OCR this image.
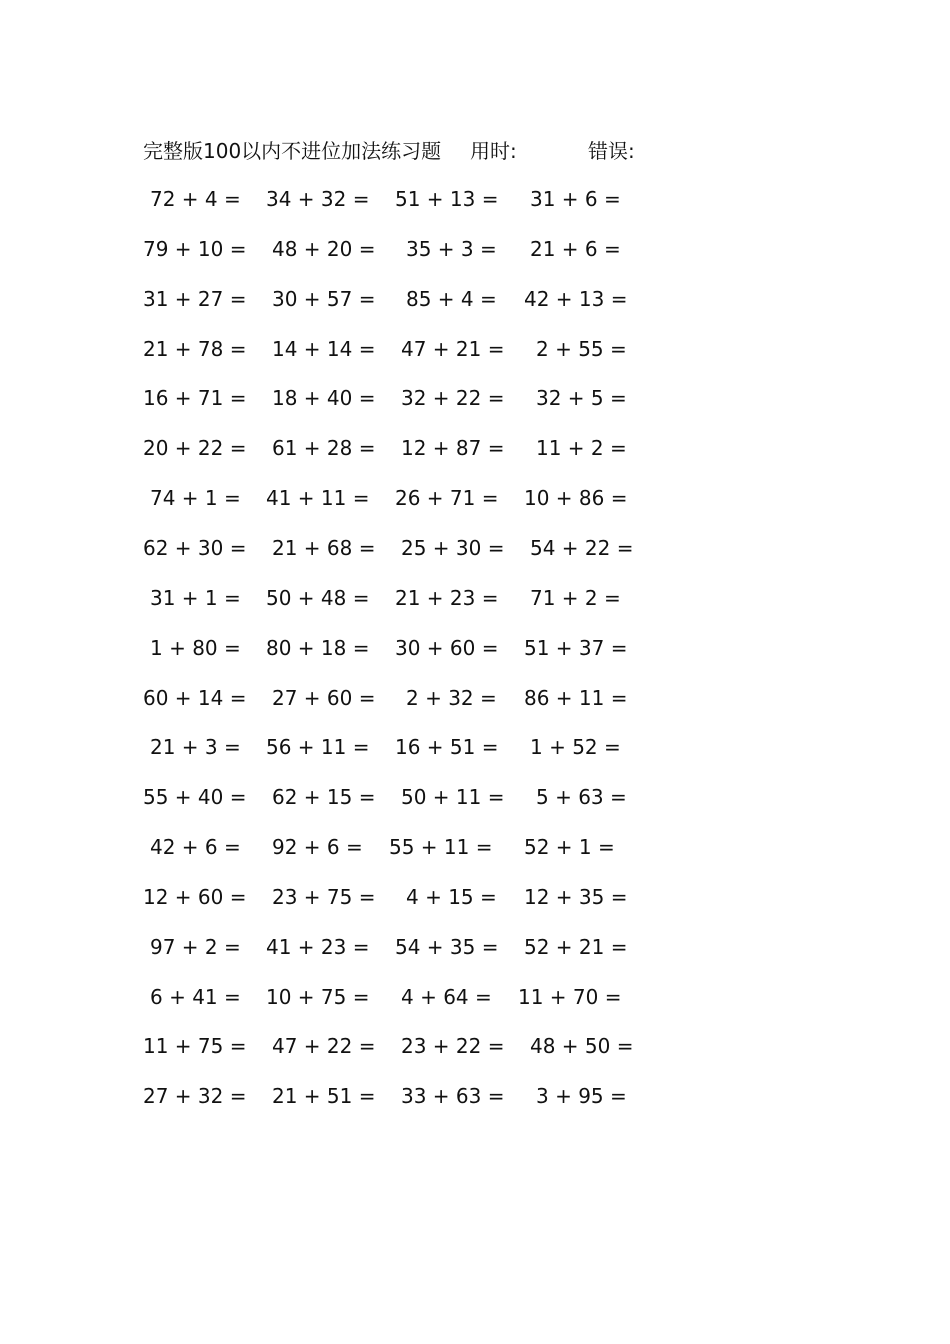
完整版100以内不进位加法练习题 用时:	错误:
72 + 4 = 34 + 32 = 51 + 13 = 31 + 6 =
79 + 10 = 48 + 20 = 35 + 3 = 21 + 6 =
31 + 27 = 30 + 57 = 85 + 4 = 42 + 13 =
21 + 78 = 14 + 14 = 47 + 21 = 2 + 55 =
16 + 71 = 18 + 40 = 32 + 22 = 32 + 5 =
20 + 22 = 61 + 28 = 12 + 87 = 11 + 2 =
74 + 1 = 41 + 11 = 26 + 71 = 10 + 86 =
62 + 30 = 21 + 68 = 25 + 30 = 54 + 22 =
31 + 1 = 50 + 48 = 21 + 23 = 71 + 2 =
1 + 80 = 80 + 18 = 30 + 60 = 51 + 37 =
60 + 14 = 27 + 60 = 2 + 32 = 86 + 11 =
21 + 3 = 56 + 11 = 16 + 51 = 1 + 52 =
55 + 40 = 62 + 15 = 50 + 11 = 5 + 63 =
42 + 6 = 92 + 6 = 55 + 11 = 52 + 1 =
12 + 60 = 23 + 75 = 4 + 15 = 12 + 35 =
97 + 2 = 41 + 23 = 54 + 35 = 52 + 21 =
6 + 41 = 10 + 75 = 4 + 64 = 11 + 70 =
11 + 75 = 47 + 22 = 23 + 22 = 48 + 50 =
27 + 32 = 21 + 51 = 33 + 63 = 3 + 95 =
